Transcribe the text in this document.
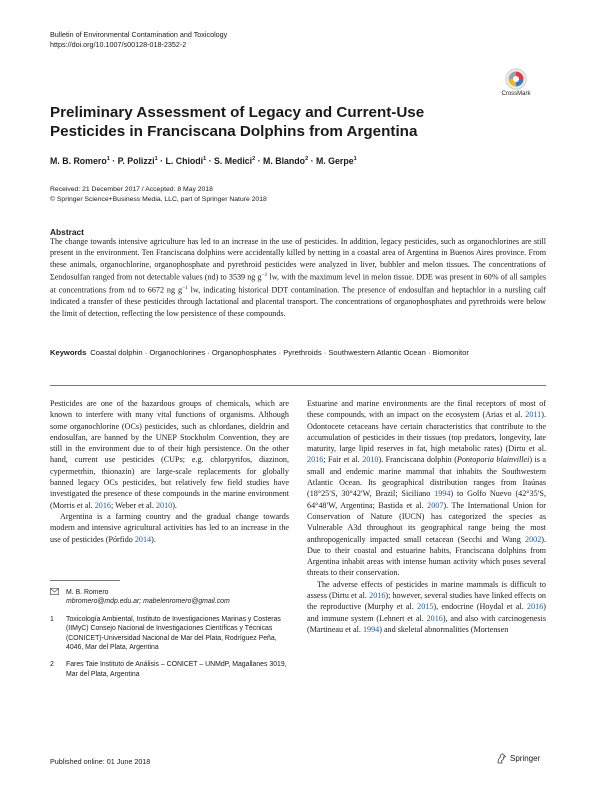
Bulletin of Environmental Contamination and Toxicology
https://doi.org/10.1007/s00128-018-2352-2
CrossMark
Preliminary Assessment of Legacy and Current-Use Pesticides in Franciscana Dolphins from Argentina
M. B. Romero$^1$ · P. Polizzi$^1$ · L. Chiodi$^1$ · S. Medici$^2$ · M. Blando$^2$ · M. Gerpe$^1$
Received: 21 December 2017 / Accepted: 8 May 2018
© Springer Science+Business Media, LLC, part of Springer Nature 2018
Abstract
The change towards intensive agriculture has led to an increase in the use of pesticides. In addition, legacy pesticides, such as organochlorines are still present in the environment. Ten Franciscana dolphins were accidentally killed by netting in a coastal area of Argentina in Buenos Aires province. From these animals, organochlorine, organophosphate and pyrethroid pesticides were analyzed in liver, bubbler and melon tissues. The concentrations of Σendosulfan ranged from not detectable values (nd) to 3539 ng $g^{-1}$ lw, with the maximum level in melon tissue. DDE was present in 60% of all samples at concentrations from nd to 6672 ng $g^{-1}$ lw, indicating historical DDT contamination. The presence of endosulfan and heptachlor in a nursling calf indicated a transfer of these pesticides through lactational and placental transport. The concentrations of organophosphates and pyrethroids were below the limit of detection, reflecting the low persistence of these compounds.
Keywords Coastal dolphin · Organochlorines · Organophosphates · Pyrethroids · Southwestern Atlantic Ocean · Biomonitor

Pesticides are one of the hazardous groups of chemicals, which are known to interfere with many vital functions of organisms. Although some organochlorine (OCs) pesticides, such as chlordanes, dieldrin and endosulfan, are banned by the UNEP Stockholm Convention, they are still in the environment due to of their high persistence. On the other hand, current use pesticides (CUPs; e.g. chlorpyrifos, diazinon, cypermetrhin, thionazin) are large-scale replacements for globally banned legacy OCs pesticides, but relatively few field studies have investigated the presence of these compounds in the marine environment (Morris et al. 2016; Weber et al. 2010).

Argentina is a farming country and the gradual change towards modern and intensive agricultural activities has led to an increase in the use of pesticides (Pórfido 2014).

M. B. Romero
mbromero@mdp.edu.ar; mabelenromero@gmail.com
1	Toxicología Ambiental, Instituto de Investigaciones Marinas y Costeras (IIMyC) Consejo Nacional de Investigaciones Científicas y Técnicas (CONICET)-Universidad Nacional de Mar del Plata, Rodríguez Peña, 4046, Mar del Plata, Argentina
2	Fares Taie Instituto de Análisis – CONICET – UNMdP, Magallanes 3019, Mar del Plata, Argentina

Estuarine and marine environments are the final receptors of most of these compounds, with an impact on the ecosystem (Arias et al. 2011). Odontocete cetaceans have certain characteristics that contribute to the accumulation of pesticides in their tissues (top predators, longevity, late maturity, large lipid reserves in fat, high metabolic rates) (Dirtu et al. 2016; Fair et al. 2010). Franciscana dolphin (Pontoporia blainvillei) is a small and endemic marine mammal that inhabits the Southwestern Atlantic Ocean. Its geographical distribution ranges from Itaúnas (18°25′S, 30°42′W, Brazil; Siciliano 1994) to Golfo Nuevo (42°35′S, 64°48′W, Argentina; Bastida et al. 2007). The International Union for Conservation of Nature (IUCN) has categorized the species as Vulnerable A3d throughout its geographical range being the most anthropogenically impacted small cetacean (Secchi and Wang 2002). Due to their coastal and estuarine habits, Franciscana dolphins from Argentina inhabit areas with intense human activity which poses several threats to their conservation.

The adverse effects of pesticides in marine mammals is difficult to assess (Dirtu et al. 2016); however, several studies have linked effects on the reproductive (Murphy et al. 2015), endocrine (Hoydal et al. 2016) and immune system (Lehnert et al. 2016), and also with carcinogenesis (Martineau et al. 1994) and skeletal abnormalities (Mortensen

Published online: 01 June 2018	Springer
